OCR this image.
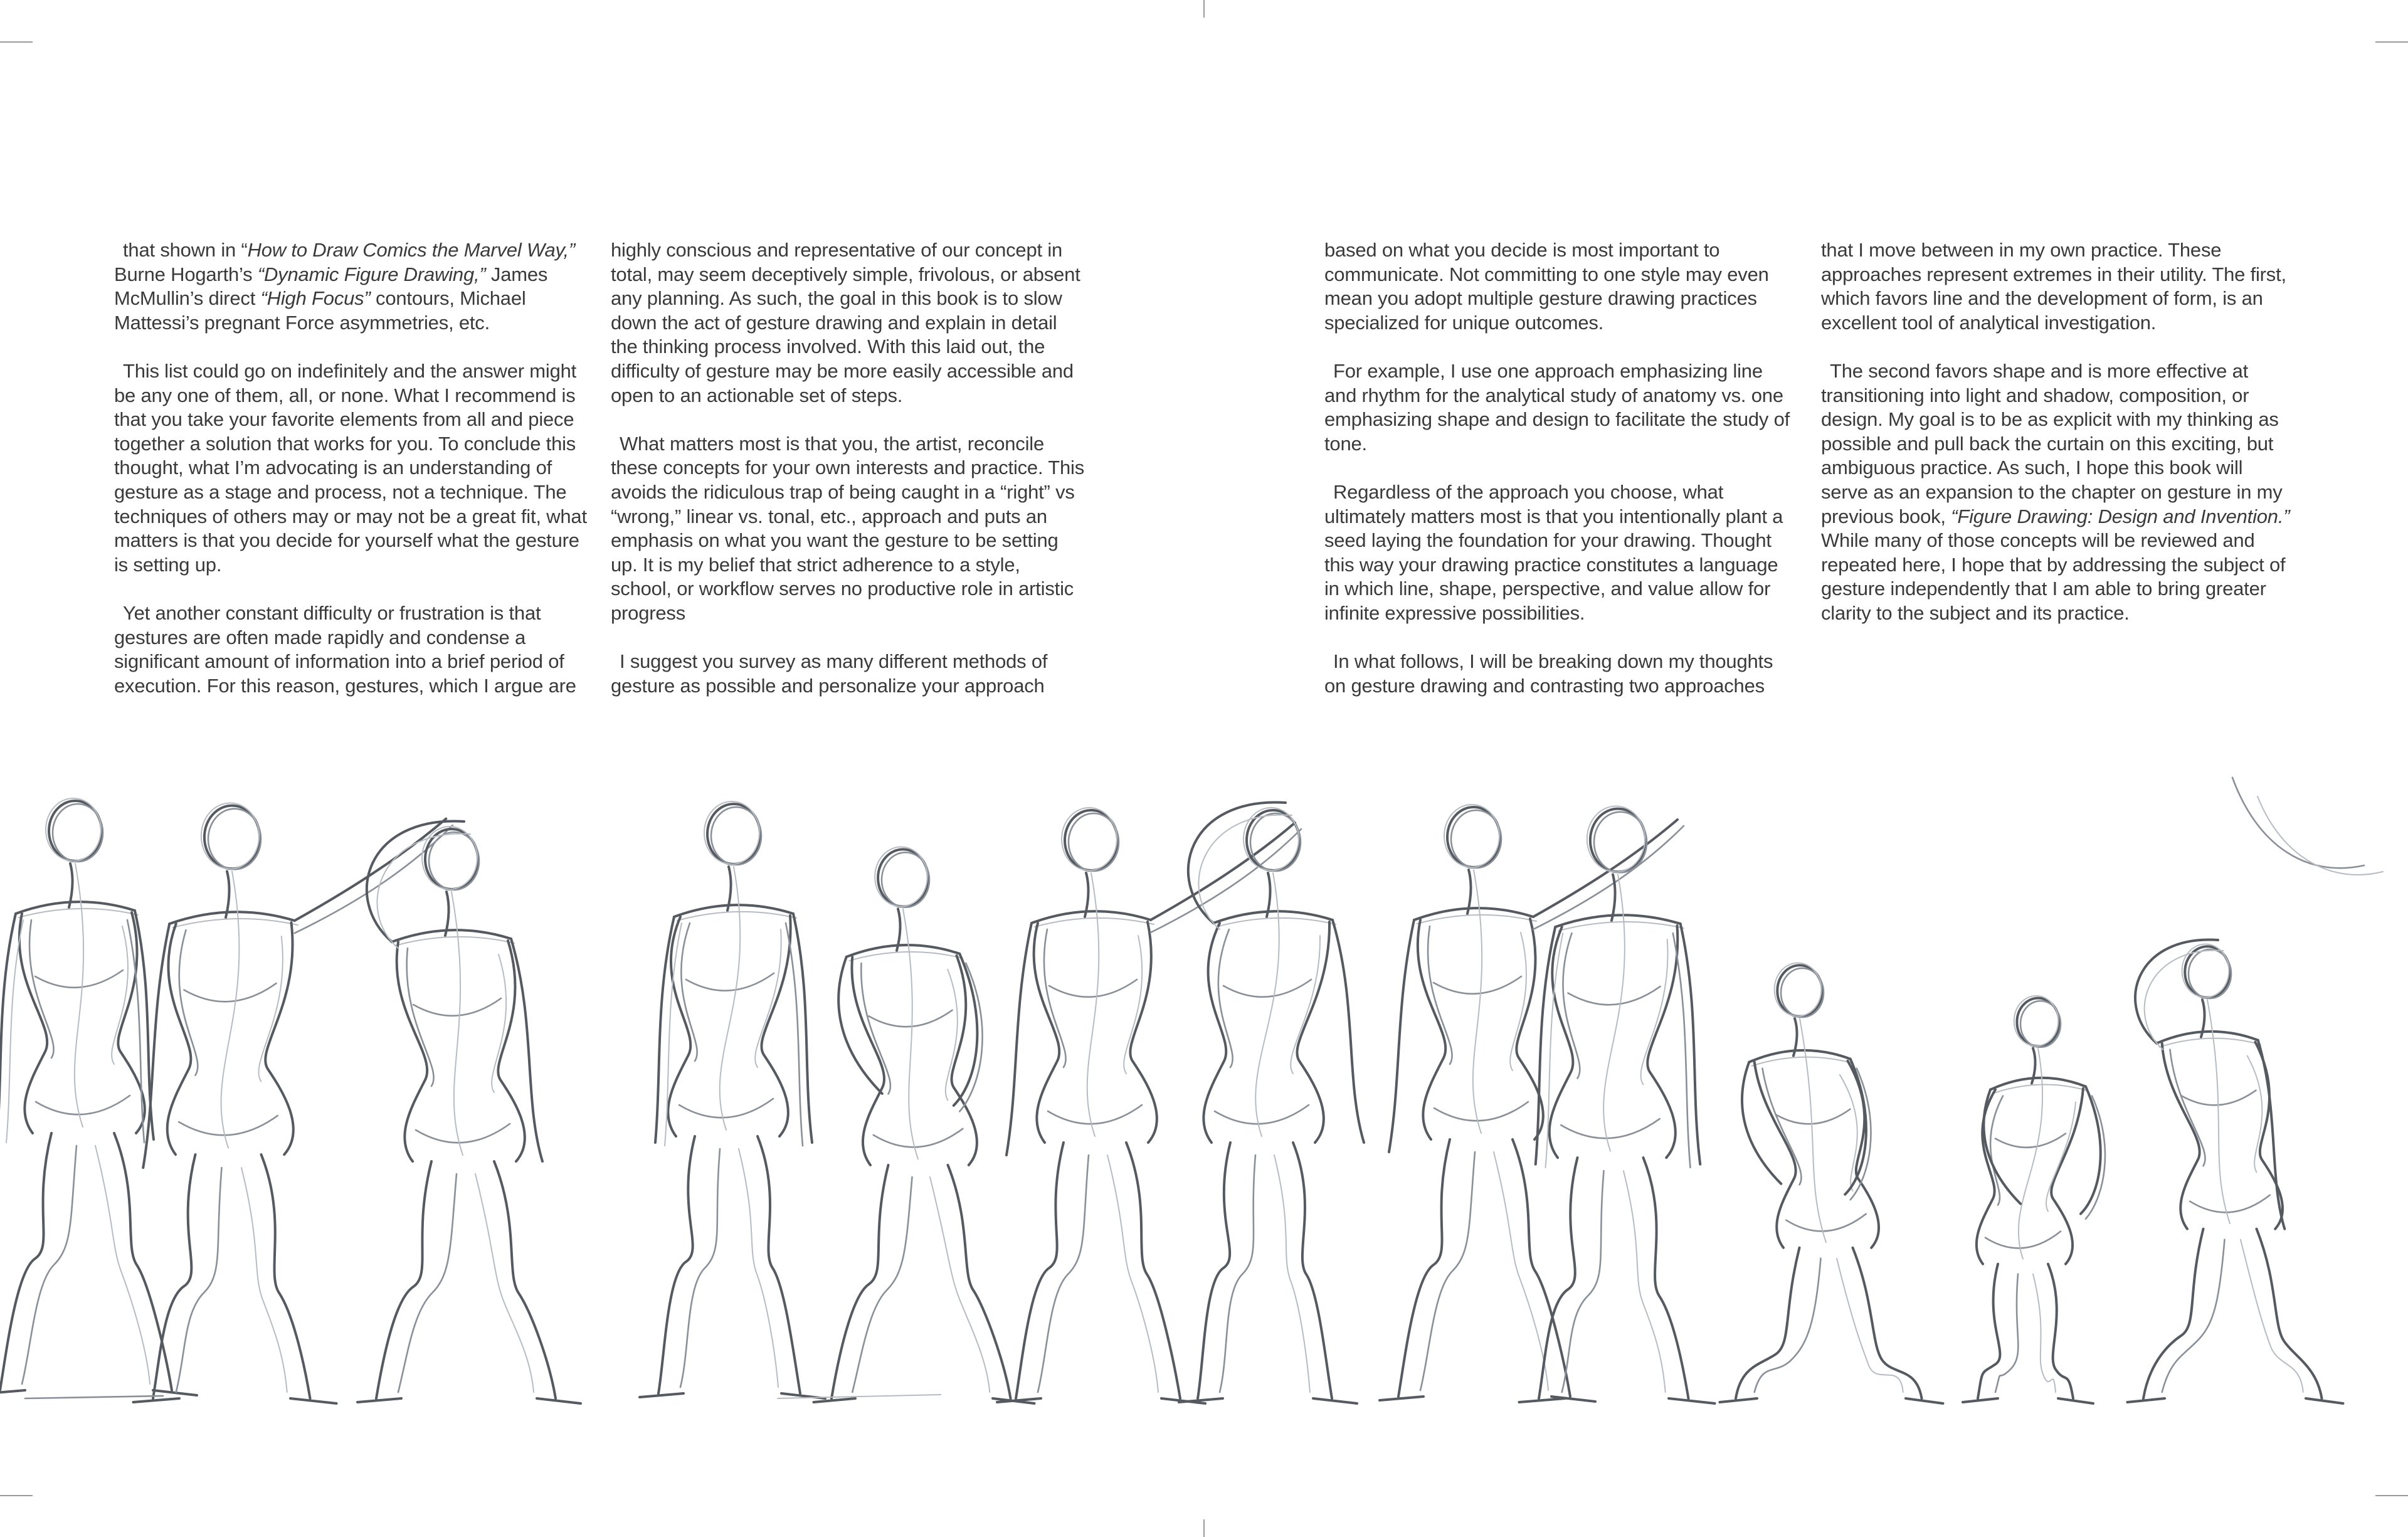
that shown in “How to Draw Comics the Marvel Way,” Burne Hogarth’s “Dynamic Figure Drawing,” James McMullin’s direct “High Focus” contours, Michael Mattessi’s pregnant Force asymmetries, etc.

This list could go on indefinitely and the answer might be any one of them, all, or none. What I recommend is that you take your favorite elements from all and piece together a solution that works for you. To conclude this thought, what I’m advocating is an understanding of gesture as a stage and process, not a technique. The techniques of others may or may not be a great fit, what matters is that you decide for yourself what the gesture is setting up.

Yet another constant difficulty or frustration is that gestures are often made rapidly and condense a significant amount of information into a brief period of execution. For this reason, gestures, which I argue are

highly conscious and representative of our concept in total, may seem deceptively simple, frivolous, or absent any planning. As such, the goal in this book is to slow down the act of gesture drawing and explain in detail the thinking process involved. With this laid out, the difficulty of gesture may be more easily accessible and open to an actionable set of steps.

What matters most is that you, the artist, reconcile these concepts for your own interests and practice. This avoids the ridiculous trap of being caught in a “right” vs “wrong,” linear vs. tonal, etc., approach and puts an emphasis on what you want the gesture to be setting up. It is my belief that strict adherence to a style, school, or workflow serves no productive role in artistic progress

I suggest you survey as many different methods of gesture as possible and personalize your approach

based on what you decide is most important to communicate. Not committing to one style may even mean you adopt multiple gesture drawing practices specialized for unique outcomes.

For example, I use one approach emphasizing line and rhythm for the analytical study of anatomy vs. one emphasizing shape and design to facilitate the study of tone.

Regardless of the approach you choose, what ultimately matters most is that you intentionally plant a seed laying the foundation for your drawing. Thought this way your drawing practice constitutes a language in which line, shape, perspective, and value allow for infinite expressive possibilities.

In what follows, I will be breaking down my thoughts on gesture drawing and contrasting two approaches

that I move between in my own practice. These approaches represent extremes in their utility. The first, which favors line and the development of form, is an excellent tool of analytical investigation.

The second favors shape and is more effective at transitioning into light and shadow, composition, or design. My goal is to be as explicit with my thinking as possible and pull back the curtain on this exciting, but ambiguous practice. As such, I hope this book will serve as an expansion to the chapter on gesture in my previous book, “Figure Drawing: Design and Invention.” While many of those concepts will be reviewed and repeated here, I hope that by addressing the subject of gesture independently that I am able to bring greater clarity to the subject and its practice.
